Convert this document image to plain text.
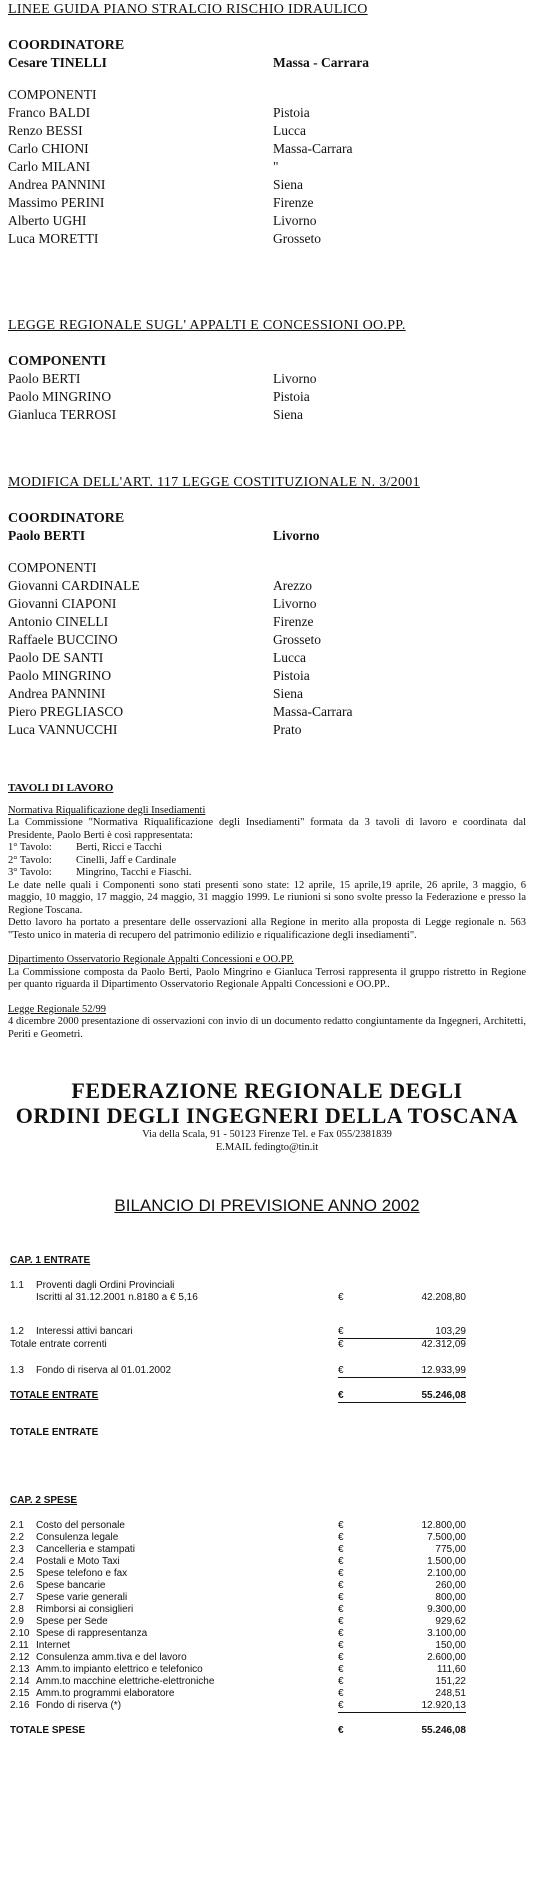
LINEE GUIDA PIANO STRALCIO RISCHIO IDRAULICO

COORDINATORE

Cesare TINELLI	Massa - Carrara
COMPONENTI
Franco BALDI	Pistoia
Renzo BESSI	Lucca
Carlo CHIONI	Massa-Carrara
Carlo MILANI	"
Andrea PANNINI	Siena
Massimo PERINI	Firenze
Alberto UGHI	Livorno
Luca MORETTI	Grosseto

LEGGE REGIONALE SUGL' APPALTI E CONCESSIONI OO.PP.

COMPONENTI

Paolo BERTI	Livorno
Paolo MINGRINO	Pistoia
Gianluca TERROSI	Siena

MODIFICA DELL'ART. 117 LEGGE COSTITUZIONALE N. 3/2001

COORDINATORE

Paolo BERTI	Livorno
COMPONENTI
Giovanni CARDINALE	Arezzo
Giovanni CIAPONI	Livorno
Antonio CINELLI	Firenze
Raffaele BUCCINO	Grosseto
Paolo DE SANTI	Lucca
Paolo MINGRINO	Pistoia
Andrea PANNINI	Siena
Piero PREGLIASCO	Massa-Carrara
Luca VANNUCCHI	Prato
TAVOLI DI LAVORO
Normativa Riqualificazione degli Insediamenti
La Commissione "Normativa Riqualificazione degli Insediamenti" formata da 3 tavoli di lavoro e coordinata dal Presidente, Paolo Berti è così rappresentata:
1° Tavolo:	Berti, Ricci e Tacchi
2° Tavolo:	Cinelli, Jaff e Cardinale
3° Tavolo:	Mingrino, Tacchi e Fiaschi.
Le date nelle quali i Componenti sono stati presenti sono state: 12 aprile, 15 aprile,19 aprile, 26 aprile, 3 maggio, 6 maggio, 10 maggio, 17 maggio, 24 maggio, 31 maggio 1999. Le riunioni si sono svolte presso la Federazione e presso la Regione Toscana.
Detto lavoro ha portato a presentare delle osservazioni alla Regione in merito alla proposta di Legge regionale n. 563 "Testo unico in materia di recupero del patrimonio edilizio e riqualificazione degli insediamenti".
Dipartimento Osservatorio Regionale Appalti Concessioni e OO.PP.
La Commissione composta da Paolo Berti, Paolo Mingrino e Gianluca Terrosi rappresenta il gruppo ristretto in Regione per quanto riguarda il Dipartimento Osservatorio Regionale Appalti Concessioni e OO.PP..
Legge Regionale 52/99
4 dicembre 2000 presentazione di osservazioni con invio di un documento redatto congiuntamente da Ingegneri, Architetti, Periti e Geometri.
FEDERAZIONE REGIONALE DEGLI
ORDINI DEGLI INGEGNERI DELLA TOSCANA
Via della Scala, 91 - 50123 Firenze Tel. e Fax 055/2381839
E.MAIL fedingto@tin.it
BILANCIO DI PREVISIONE ANNO 2002
CAP. 1 ENTRATE
1.1	Proventi dagli Ordini Provinciali
Iscritti al 31.12.2001 n.8180 a € 5,16	€	42.208,80
1.2	Interessi attivi bancari	€	103,29
Totale entrate correnti	€	42.312,09
1.3	Fondo di riserva al 01.01.2002	€	12.933,99
TOTALE ENTRATE	€	55.246,08
TOTALE ENTRATE
CAP. 2 SPESE
2.1	Costo del personale	€	12.800,00
2.2	Consulenza legale	€	7.500,00
2.3	Cancelleria e stampati	€	775,00
2.4	Postali e Moto Taxi	€	1.500,00
2.5	Spese telefono e fax	€	2.100,00
2.6	Spese bancarie	€	260,00
2.7	Spese varie generali	€	800,00
2.8	Rimborsi ai consiglieri	€	9.300,00
2.9	Spese per Sede	€	929,62
2.10 Spese di rappresentanza	€	3.100,00
2.11 Internet	€	150,00
2.12 Consulenza amm.tiva e del lavoro	€	2.600,00
2.13 Amm.to impianto elettrico e telefonico	€	111,60
2.14 Amm.to macchine elettriche-elettroniche	€	151,22
2.15 Amm.to programmi elaboratore	€	248,51
2.16 Fondo di riserva (*)	€	12.920,13
TOTALE SPESE	€	55.246,08
